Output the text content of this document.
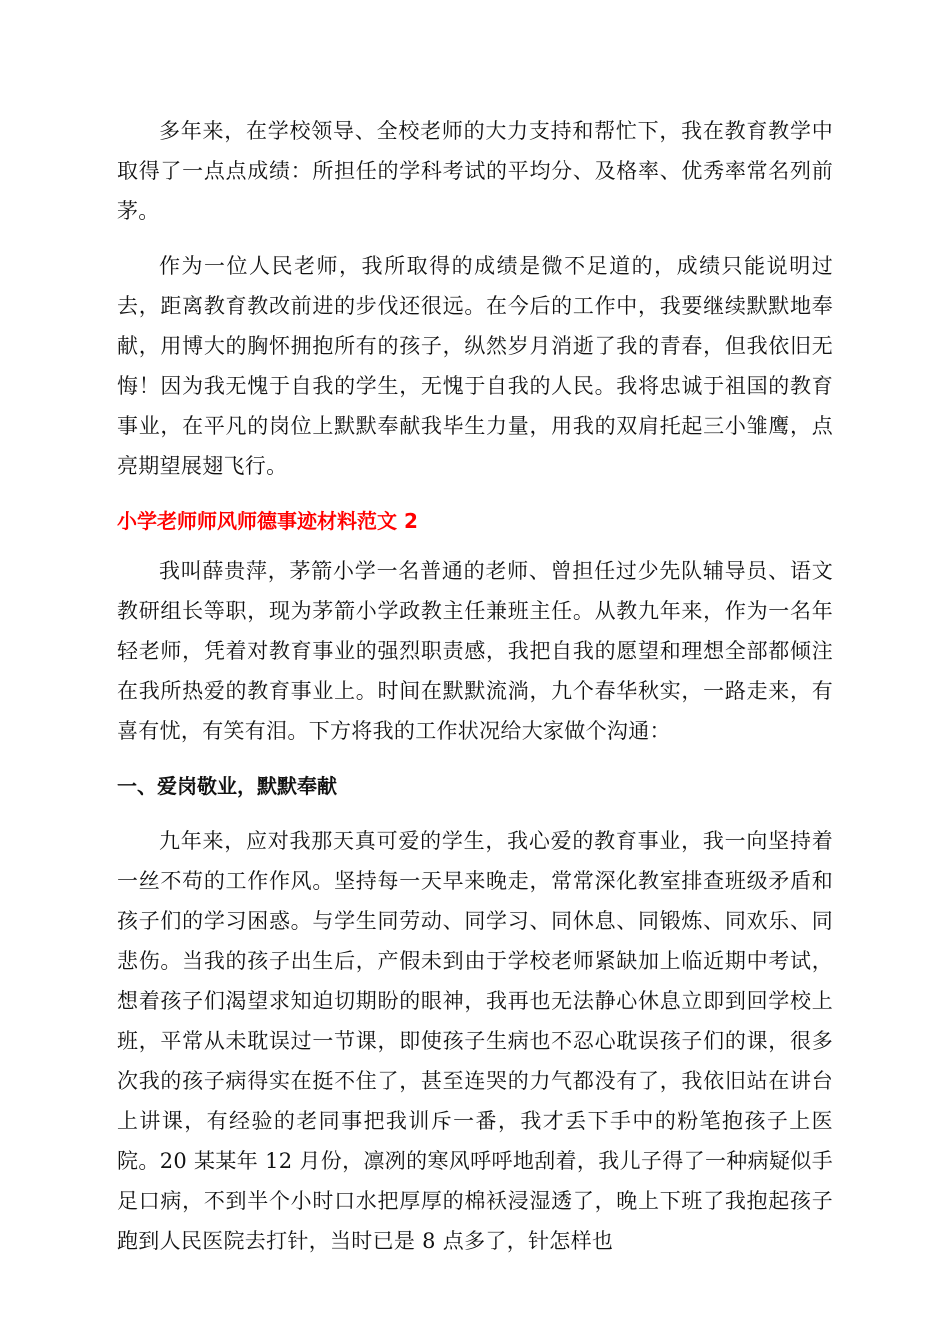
多年来，在学校领导、全校老师的大力支持和帮忙下，我在教育教学中取得了一点点成绩：所担任的学科考试的平均分、及格率、优秀率常名列前茅。

作为一位人民老师，我所取得的成绩是微不足道的，成绩只能说明过去，距离教育教改前进的步伐还很远。在今后的工作中，我要继续默默地奉献，用博大的胸怀拥抱所有的孩子，纵然岁月消逝了我的青春，但我依旧无悔！因为我无愧于自我的学生，无愧于自我的人民。我将忠诚于祖国的教育事业，在平凡的岗位上默默奉献我毕生力量，用我的双肩托起三小雏鹰，点亮期望展翅飞行。

小学老师师风师德事迹材料范文 2

我叫薛贵萍，茅箭小学一名普通的老师、曾担任过少先队辅导员、语文教研组长等职，现为茅箭小学政教主任兼班主任。从教九年来，作为一名年轻老师，凭着对教育事业的强烈职责感，我把自我的愿望和理想全部都倾注在我所热爱的教育事业上。时间在默默流淌，九个春华秋实，一路走来，有喜有忧，有笑有泪。下方将我的工作状况给大家做个沟通：

一、爱岗敬业，默默奉献

九年来，应对我那天真可爱的学生，我心爱的教育事业，我一向坚持着一丝不苟的工作作风。坚持每一天早来晚走，常常深化教室排查班级矛盾和孩子们的学习困惑。与学生同劳动、同学习、同休息、同锻炼、同欢乐、同悲伤。当我的孩子出生后，产假未到由于学校老师紧缺加上临近期中考试，想着孩子们渴望求知迫切期盼的眼神，我再也无法静心休息立即到回学校上班，平常从未耽误过一节课，即使孩子生病也不忍心耽误孩子们的课，很多次我的孩子病得实在挺不住了，甚至连哭的力气都没有了，我依旧站在讲台上讲课，有经验的老同事把我训斥一番，我才丢下手中的粉笔抱孩子上医院。20 某某年 12 月份，凛冽的寒风呼呼地刮着，我儿子得了一种病疑似手足口病，不到半个小时口水把厚厚的棉袄浸湿透了，晚上下班了我抱起孩子跑到人民医院去打针，当时已是 8 点多了，针怎样也
